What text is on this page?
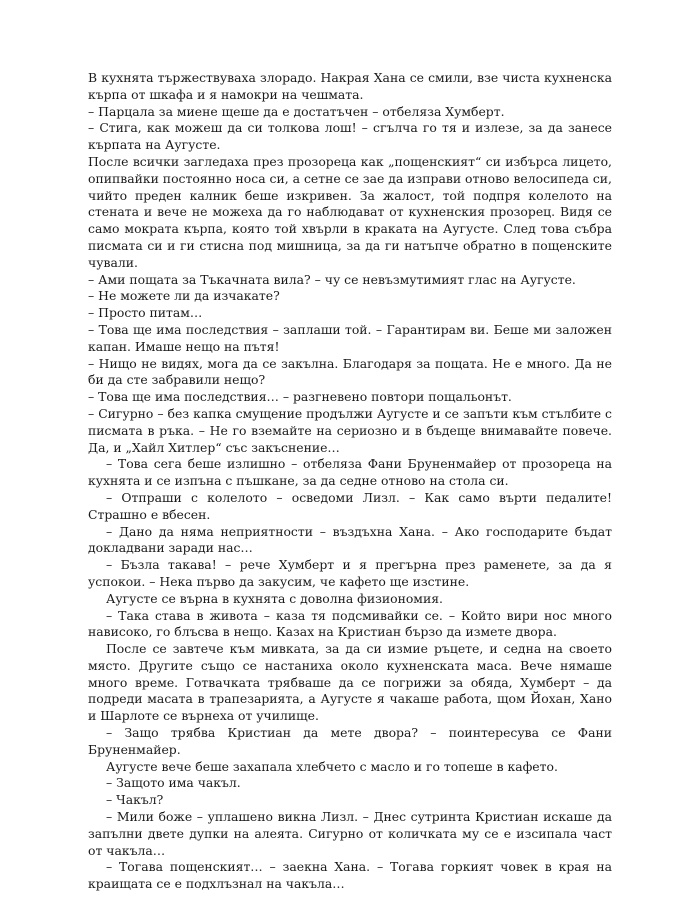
В кухнята тържествуваха злорадо. Накрая Хана се смили, взе чиста кухненска кърпа от шкафа и я намокри на чешмата.

– Парцала за миене щеше да е достатъчен – отбеляза Хумберт.

– Стига, как можеш да си толкова лош! – сгълча го тя и излезе, за да занесе кърпата на Аугусте.

После всички загледаха през прозореца как „пощенският“ си избърса лицето, опипвайки постоянно носа си, а сетне се зае да изправи отново велосипеда си, чийто преден калник беше изкривен. За жалост, той подпря колелото на стената и вече не можеха да го наблюдават от кухненския прозорец. Видя се само мократа кърпа, която той хвърли в краката на Аугусте. След това събра писмата си и ги стисна под мишница, за да ги натъпче обратно в пощенските чували.

– Ами пощата за Тъкачната вила? – чу се невъзмутимият глас на Аугусте.

– Не можете ли да изчакате?

– Просто питам…

– Това ще има последствия – заплаши той. – Гарантирам ви. Беше ми заложен капан. Имаше нещо на пътя!

– Нищо не видях, мога да се закълна. Благодаря за пощата. Не е много. Да не би да сте забравили нещо?

– Това ще има последствия… – разгневено повтори пощальонът.

– Сигурно – без капка смущение продължи Аугусте и се запъти към стълбите с писмата в ръка. – Не го вземайте на сериозно и в бъдеще внимавайте повече. Да, и „Хайл Хитлер“ със закъснение…

– Това сега беше излишно – отбеляза Фани Бруненмайер от прозореца на кухнята и се изпъна с пъшкане, за да седне отново на стола си.

– Отпраши с колелото – осведоми Лизл. – Как само върти педалите! Страшно е вбесен.

– Дано да няма неприятности – въздъхна Хана. – Ако господарите бъдат докладвани заради нас…

– Бъзла такава! – рече Хумберт и я прегърна през раменете, за да я успокои. – Нека първо да закусим, че кафето ще изстине.

Аугусте се върна в кухнята с доволна физиономия.

– Така става в живота – каза тя подсмивайки се. – Който вири нос много нависоко, го блъсва в нещо. Казах на Кристиан бързо да измете двора.

После се завтече към мивката, за да си измие ръцете, и седна на своето място. Другите също се настаниха около кухненската маса. Вече нямаше много време. Готвачката трябваше да се погрижи за обяда, Хумберт – да подреди масата в трапезарията, а Аугусте я чакаше работа, щом Йохан, Хано и Шарлоте се върнеха от училище.

– Защо трябва Кристиан да мете двора? – поинтересува се Фани Бруненмайер.

Аугусте вече беше захапала хлебчето с масло и го топеше в кафето.

– Защото има чакъл.

– Чакъл?

– Мили боже – уплашено викна Лизл. – Днес сутринта Кристиан искаше да запълни двете дупки на алеята. Сигурно от количката му се е изсипала част от чакъла…

– Тогава пощенският… – заекна Хана. – Тогава горкият човек в края на краищата се е подхлъзнал на чакъла…
